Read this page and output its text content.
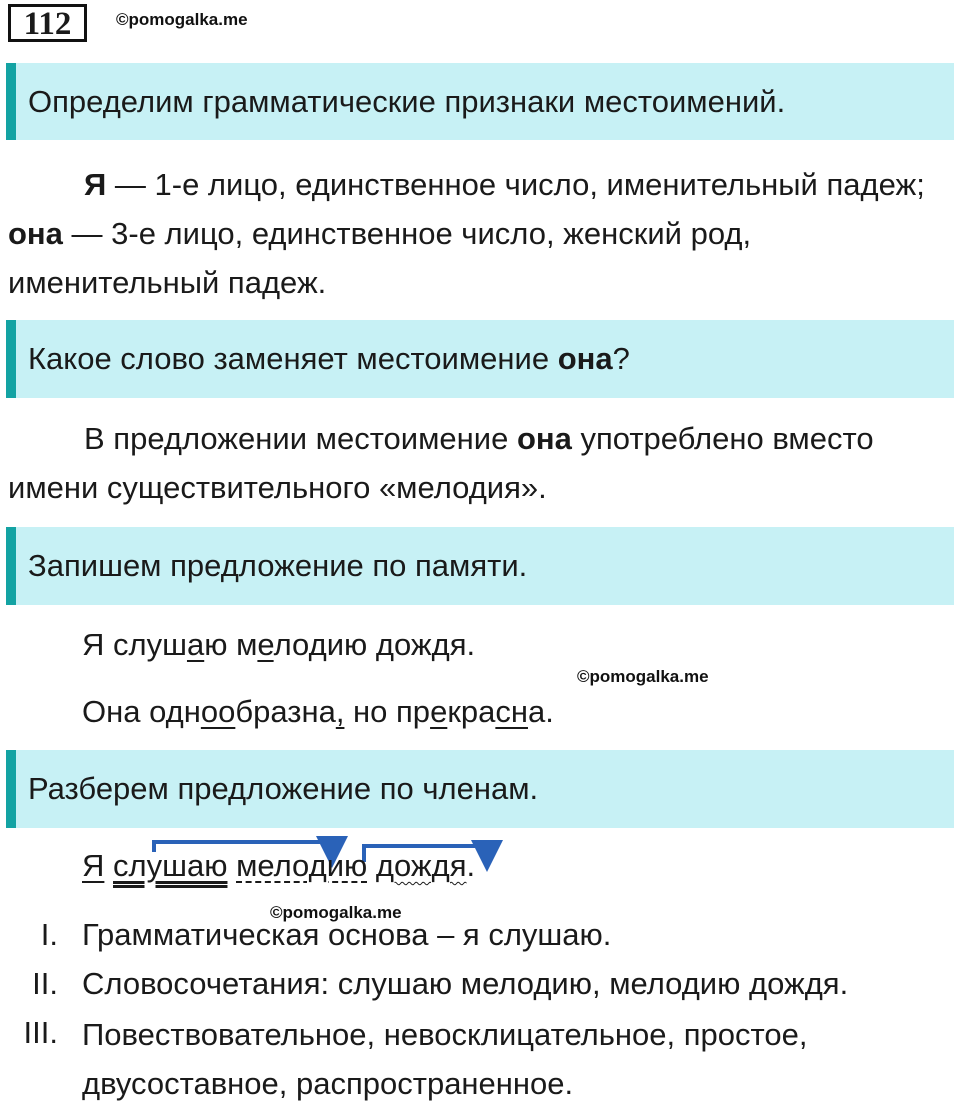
112	©pomogalka.me
Определим грамматические признаки местоимений.
Я — 1-е лицо, единственное число, именительный падеж; она — 3-е лицо, единственное число, женский род, именительный падеж.
Какое слово заменяет местоимение она?
В предложении местоимение она употреблено вместо имени существительного «мелодия».
Запишем предложение по памяти.
Я слушаю мелодию дождя.
©pomogalka.me
Она однообразна, но прекрасна.
Разберем предложение по членам.
Я слушаю мелодию дождя.
©pomogalka.me
I. Грамматическая основа – я слушаю.
II. Словосочетания: слушаю мелодию, мелодию дождя.
III. Повествовательное, невосклицательное, простое, двусоставное, распространенное.
